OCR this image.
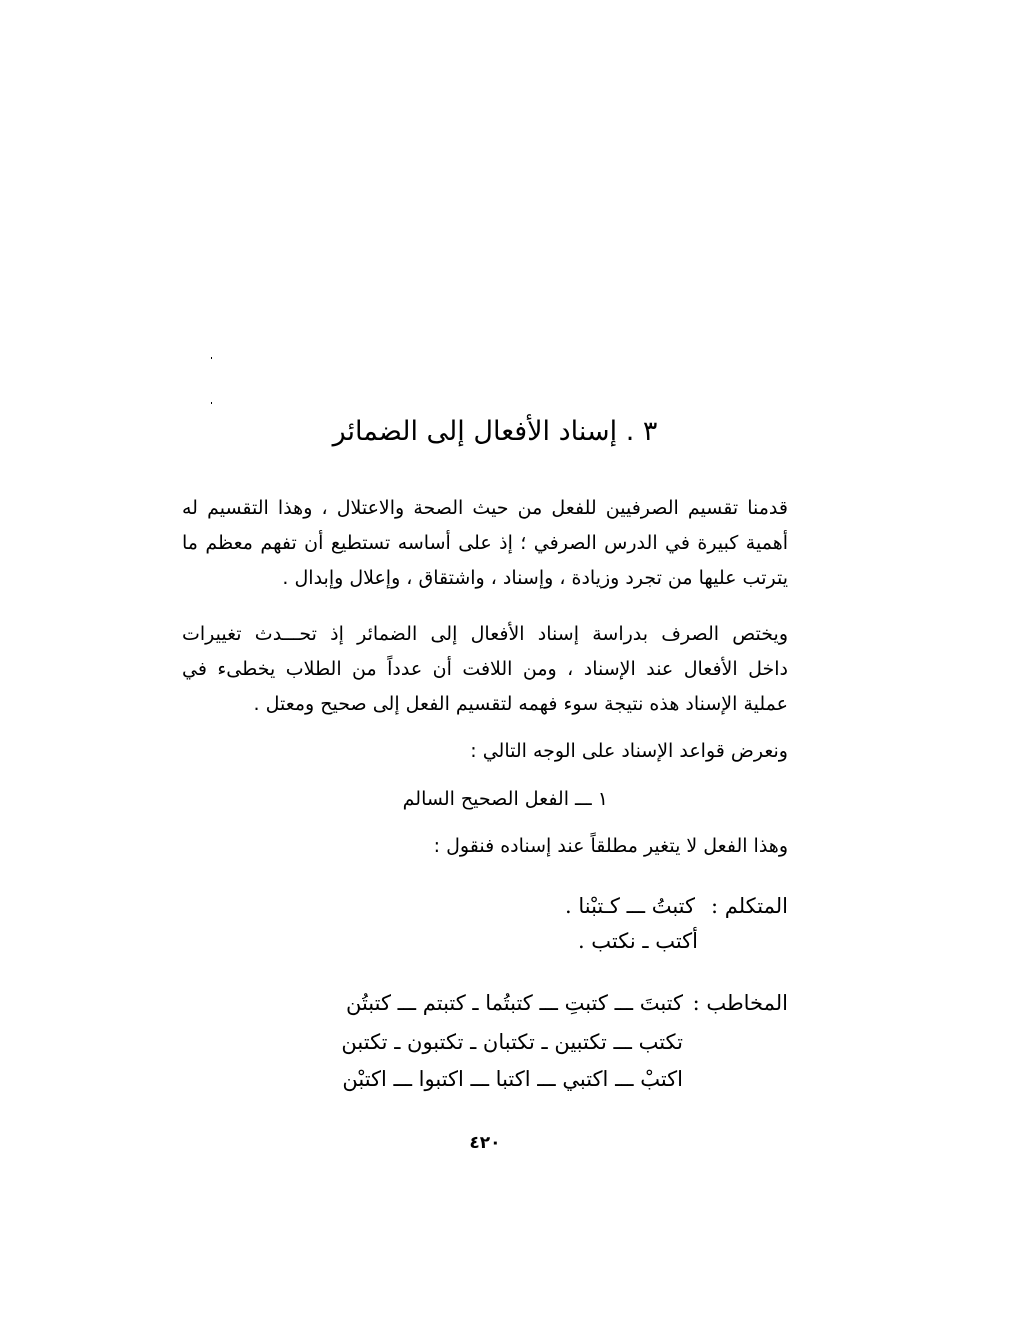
٣ . إسناد الأفعال إلى الضمائر
قدمنا تقسيم الصرفيين للفعل من حيث الصحة والاعتلال ، وهذا التقسيم له
أهمية كبيرة في الدرس الصرفي ؛ إذ على أساسه تستطيع أن تفهم معظم ما
يترتب عليها من تجرد وزيادة ، وإسناد ، واشتقاق ، وإعلال وإبدال .
ويختص الصرف بدراسة إسناد الأفعال إلى الضمائر إذ تحـــدث تغييرات
داخل الأفعال عند الإسناد ، ومن اللافت أن عدداً من الطلاب يخطىء في
عملية الإسناد هذه نتيجة سوء فهمه لتقسيم الفعل إلى صحيح ومعتل .
ونعرض قواعد الإسناد على الوجه التالي :
١ ـــ الفعل الصحيح السالم
وهذا الفعل لا يتغير مطلقاً عند إسناده فنقول :
المتكلم :
كتبتُ ـــ كـتبْنا .
أكتب ـ نكتب .
المخاطب :
كتبتَ ـــ كتبتِ ـــ كتبتُما ـ كتبتم ـــ كتبتُن
تكتب ـــ تكتبين ـ تكتبان ـ تكتبون ـ تكتبن
اكتبْ ـــ اكتبي ـــ اكتبا ـــ اكتبوا ـــ اكتبْن
٤٢٠
